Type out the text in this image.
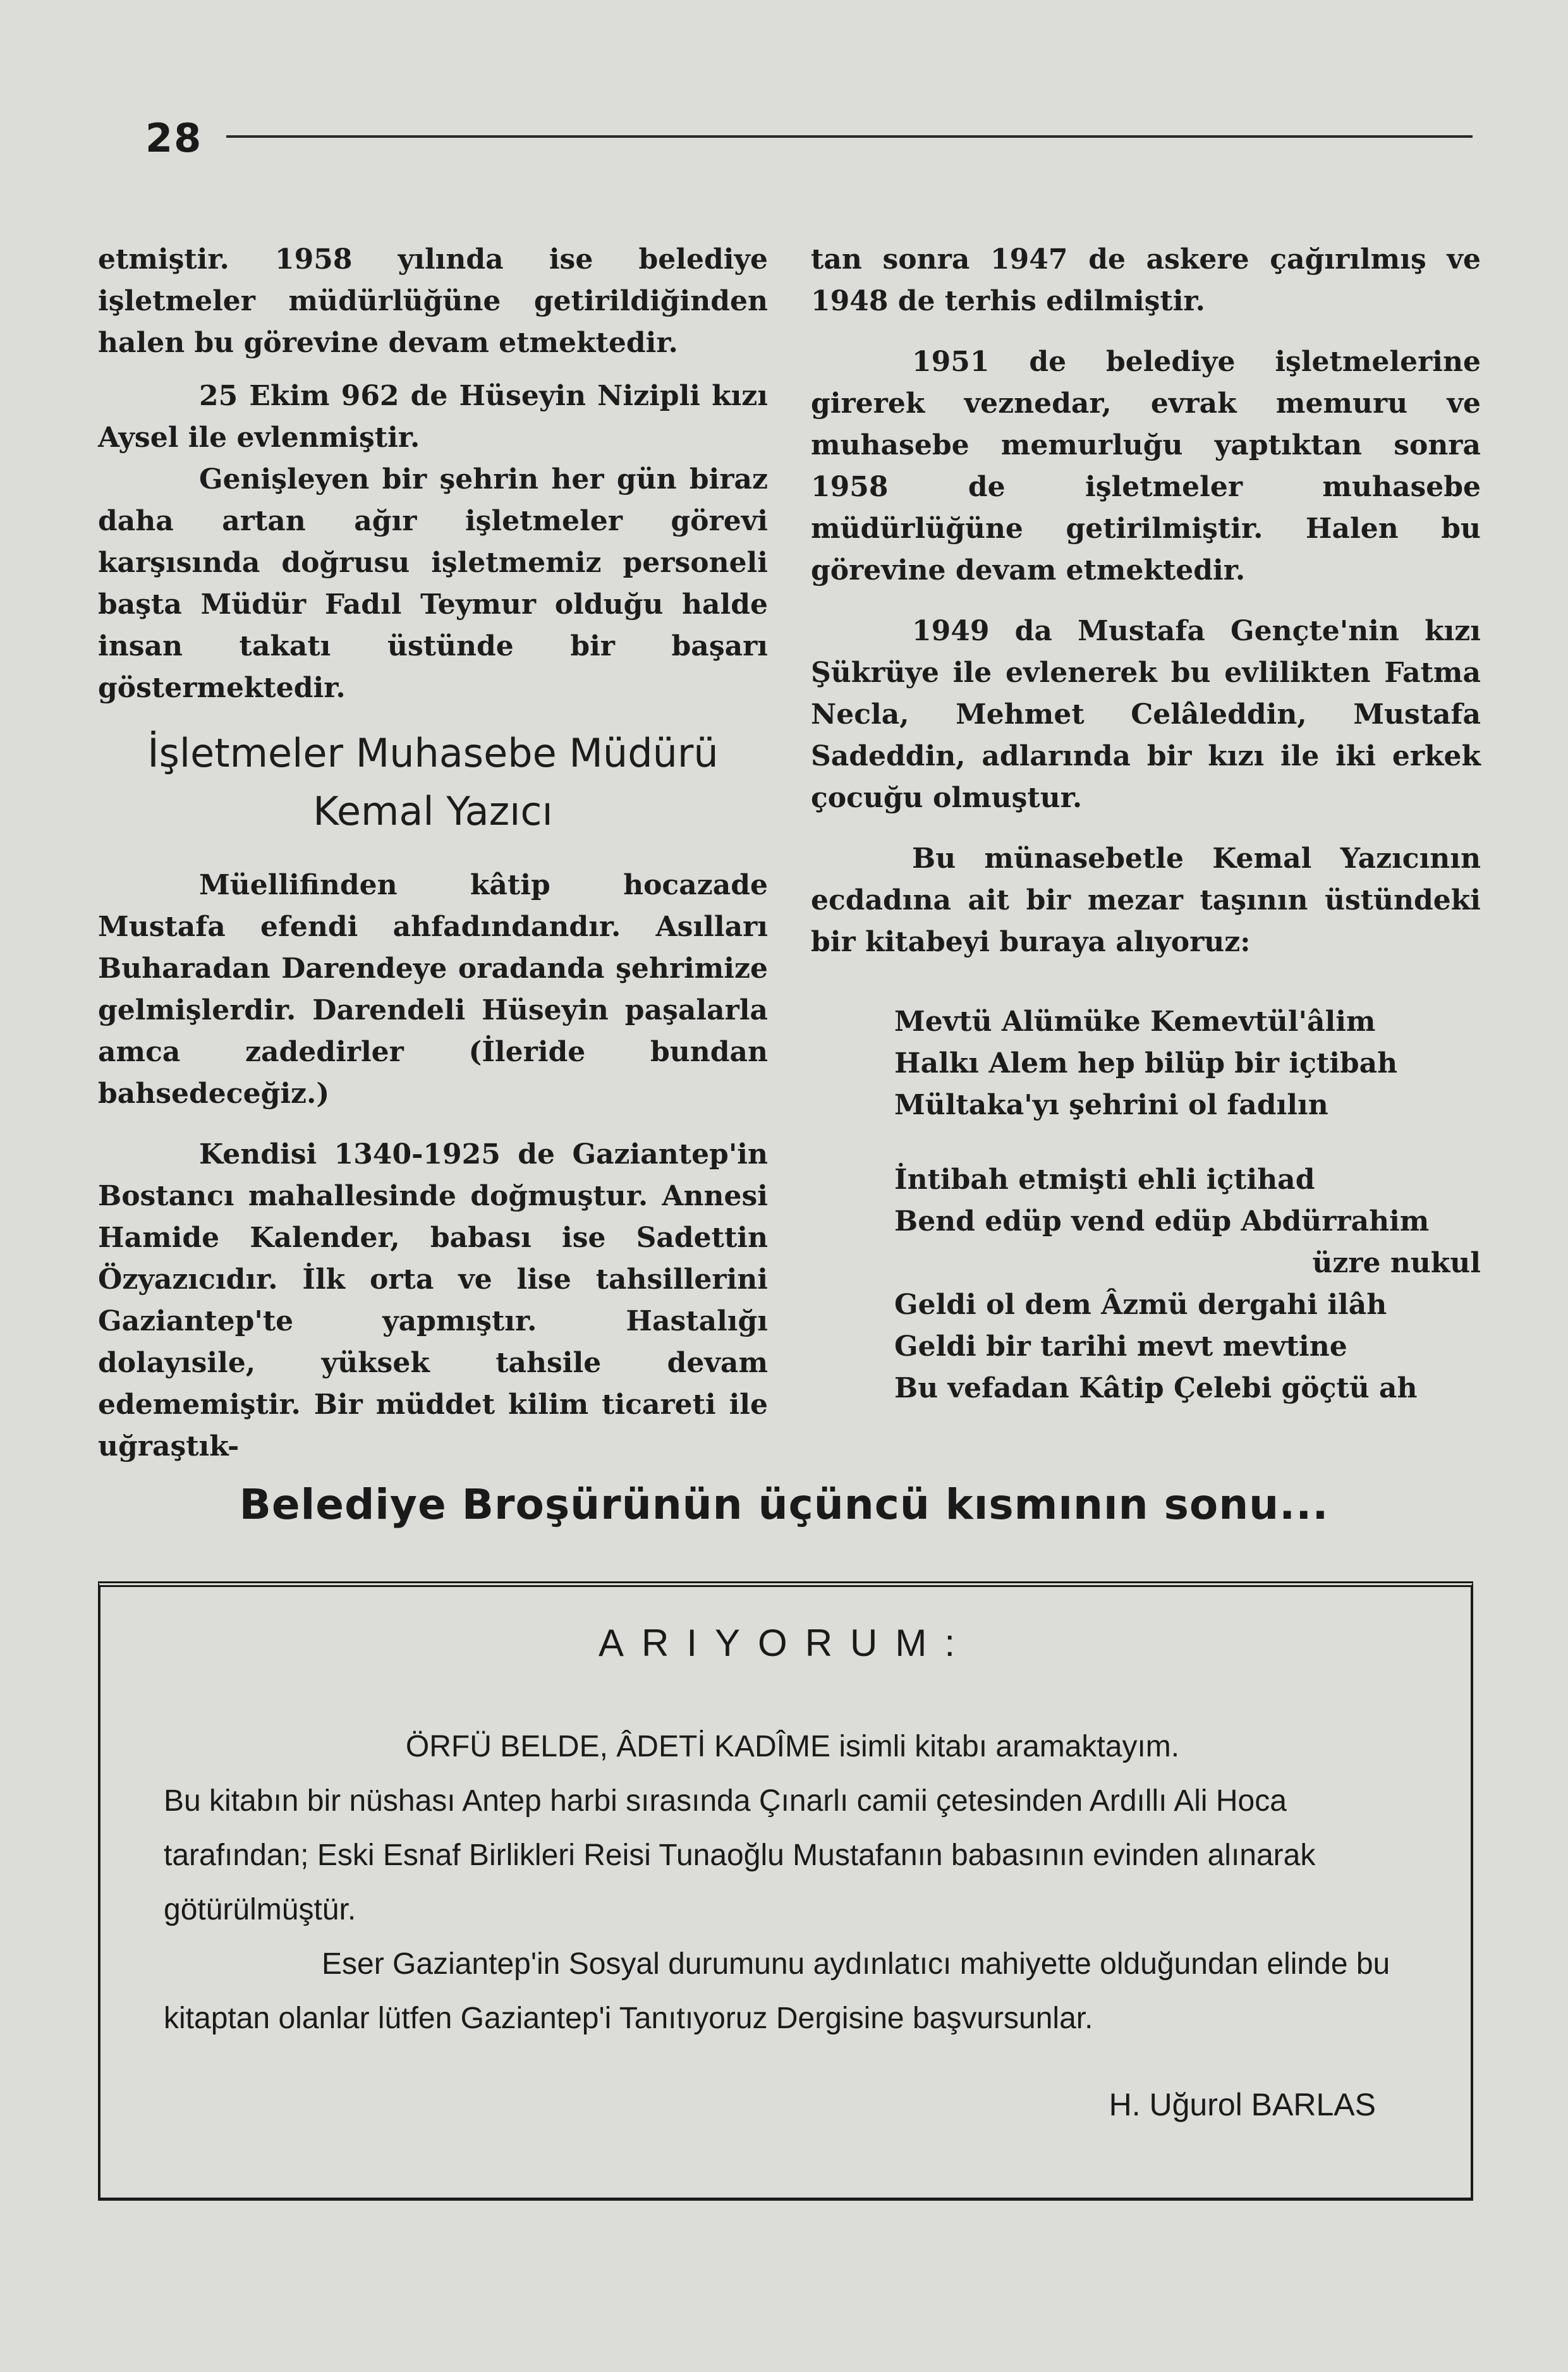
28

etmiştir. 1958 yılında ise belediye işletmeler müdürlüğüne getirildiğinden halen bu görevine devam etmektedir.

25 Ekim 962 de Hüseyin Nizipli kızı Aysel ile evlenmiştir.

Genişleyen bir şehrin her gün biraz daha artan ağır işletmeler görevi karşısında doğrusu işletmemiz personeli başta Müdür Fadıl Teymur olduğu halde insan takatı üstünde bir başarı göstermektedir.

İşletmeler Muhasebe Müdürü
Kemal Yazıcı

Müellifinden kâtip hocazade Mustafa efendi ahfadındandır. Asılları Buharadan Darendeye oradanda şehrimize gelmişlerdir. Darendeli Hüseyin paşalarla amca zadedirler (İleride bundan bahsedeceğiz.)

Kendisi 1340-1925 de Gaziantep'in Bostancı mahallesinde doğmuştur. Annesi Hamide Kalender, babası ise Sadettin Özyazıcıdır. İlk orta ve lise tahsillerini Gaziantep'te yapmıştır. Hastalığı dolayısile, yüksek tahsile devam edememiştir. Bir müddet kilim ticareti ile uğraştık-

tan sonra 1947 de askere çağırılmış ve 1948 de terhis edilmiştir.

1951 de belediye işletmelerine girerek veznedar, evrak memuru ve muhasebe memurluğu yaptıktan sonra 1958 de işletmeler muhasebe müdürlüğüne getirilmiştir. Halen bu görevine devam etmektedir.

1949 da Mustafa Gençte'nin kızı Şükrüye ile evlenerek bu evlilikten Fatma Necla, Mehmet Celâleddin, Mustafa Sadeddin, adlarında bir kızı ile iki erkek çocuğu olmuştur.

Bu münasebetle Kemal Yazıcının ecdadına ait bir mezar taşının üstündeki bir kitabeyi buraya alıyoruz:

Mevtü Alümüke Kemevtül'âlim
Halkı Alem hep bilüp bir içtibah
Mültaka'yı şehrini ol fadılın
İntibah etmişti ehli içtihad
Bend edüp vend edüp Abdürrahim
üzre nukul
Geldi ol dem Âzmü dergahi ilâh
Geldi bir tarihi mevt mevtine
Bu vefadan Kâtip Çelebi göçtü ah
Belediye Broşürünün üçüncü kısmının sonu...
ARIYORUM:

ÖRFÜ BELDE, ÂDETİ KADÎME isimli kitabı aramaktayım.

Bu kitabın bir nüshası Antep harbi sırasında Çınarlı camii çetesinden Ardıllı Ali Hoca tarafından; Eski Esnaf Birlikleri Reisi Tunaoğlu Mustafanın babasının evinden alınarak götürülmüştür.

Eser Gaziantep'in Sosyal durumunu aydınlatıcı mahiyette olduğundan elinde bu kitaptan olanlar lütfen Gaziantep'i Tanıtıyoruz Dergisine başvursunlar.

H. Uğurol BARLAS
